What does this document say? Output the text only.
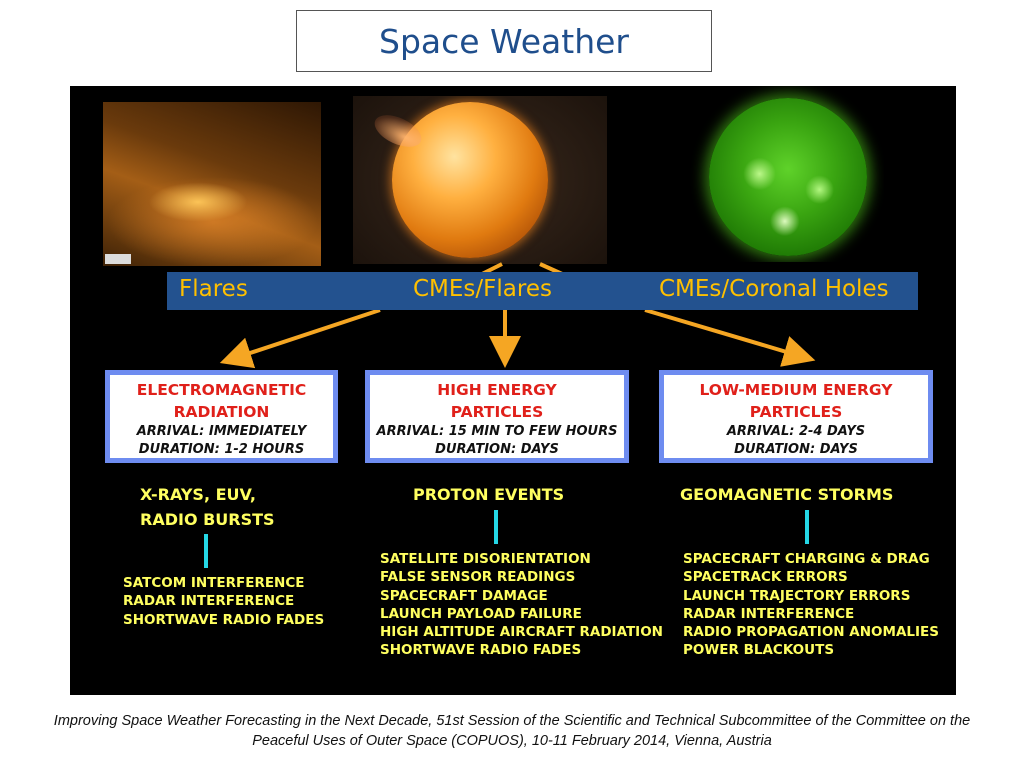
Space Weather
Flares	CMEs/Flares	CMEs/Coronal Holes
ELECTROMAGNETIC
RADIATION
ARRIVAL: IMMEDIATELY
DURATION: 1-2 HOURS
X-RAYS, EUV,
RADIO BURSTS
SATCOM INTERFERENCE
RADAR INTERFERENCE
SHORTWAVE RADIO FADES
HIGH ENERGY
PARTICLES
ARRIVAL: 15 MIN TO FEW HOURS
DURATION: DAYS
PROTON EVENTS
SATELLITE DISORIENTATION
FALSE SENSOR READINGS
SPACECRAFT DAMAGE
LAUNCH PAYLOAD FAILURE
HIGH ALTITUDE AIRCRAFT RADIATION
SHORTWAVE RADIO FADES
LOW-MEDIUM ENERGY
PARTICLES
ARRIVAL: 2-4 DAYS
DURATION: DAYS
GEOMAGNETIC STORMS
SPACECRAFT CHARGING & DRAG
SPACETRACK ERRORS
LAUNCH TRAJECTORY ERRORS
RADAR INTERFERENCE
RADIO PROPAGATION ANOMALIES
POWER BLACKOUTS
Improving Space Weather Forecasting in the Next Decade, 51st Session of the Scientific and Technical Subcommittee of the Committee on the Peaceful Uses of Outer Space (COPUOS), 10-11 February 2014, Vienna, Austria
